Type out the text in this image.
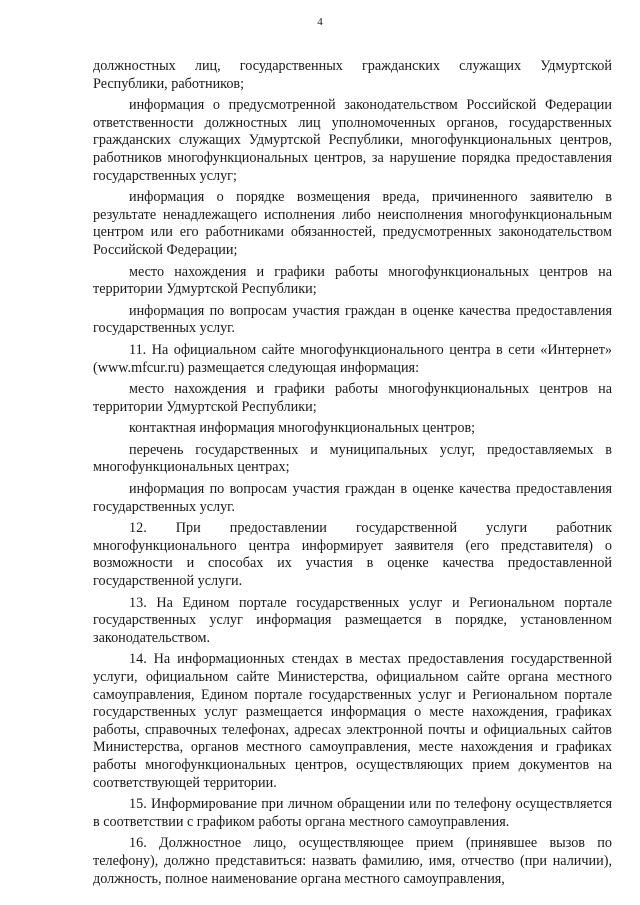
4

должностных лиц, государственных гражданских служащих Удмуртской Республики, работников;

информация о предусмотренной законодательством Российской Федерации ответственности должностных лиц уполномоченных органов, государственных гражданских служащих Удмуртской Республики, многофункциональных центров, работников многофункциональных центров, за нарушение порядка предоставления государственных услуг;

информация о порядке возмещения вреда, причиненного заявителю в результате ненадлежащего исполнения либо неисполнения многофункциональным центром или его работниками обязанностей, предусмотренных законодательством Российской Федерации;

место нахождения и графики работы многофункциональных центров на территории Удмуртской Республики;

информация по вопросам участия граждан в оценке качества предоставления государственных услуг.

11. На официальном сайте многофункционального центра в сети «Интернет» (www.mfcur.ru) размещается следующая информация:

место нахождения и графики работы многофункциональных центров на территории Удмуртской Республики;

контактная информация многофункциональных центров;

перечень государственных и муниципальных услуг, предоставляемых в многофункциональных центрах;

информация по вопросам участия граждан в оценке качества предоставления государственных услуг.

12. При предоставлении государственной услуги работник многофункционального центра информирует заявителя (его представителя) о возможности и способах их участия в оценке качества предоставленной государственной услуги.

13. На Едином портале государственных услуг и Региональном портале государственных услуг информация размещается в порядке, установленном законодательством.

14. На информационных стендах в местах предоставления государственной услуги, официальном сайте Министерства, официальном сайте органа местного самоуправления, Едином портале государственных услуг и Региональном портале государственных услуг размещается информация о месте нахождения, графиках работы, справочных телефонах, адресах электронной почты и официальных сайтов Министерства, органов местного самоуправления, месте нахождения и графиках работы многофункциональных центров, осуществляющих прием документов на соответствующей территории.

15. Информирование при личном обращении или по телефону осуществляется в соответствии с графиком работы органа местного самоуправления.

16. Должностное лицо, осуществляющее прием (принявшее вызов по телефону), должно представиться: назвать фамилию, имя, отчество (при наличии), должность, полное наименование органа местного самоуправления,
